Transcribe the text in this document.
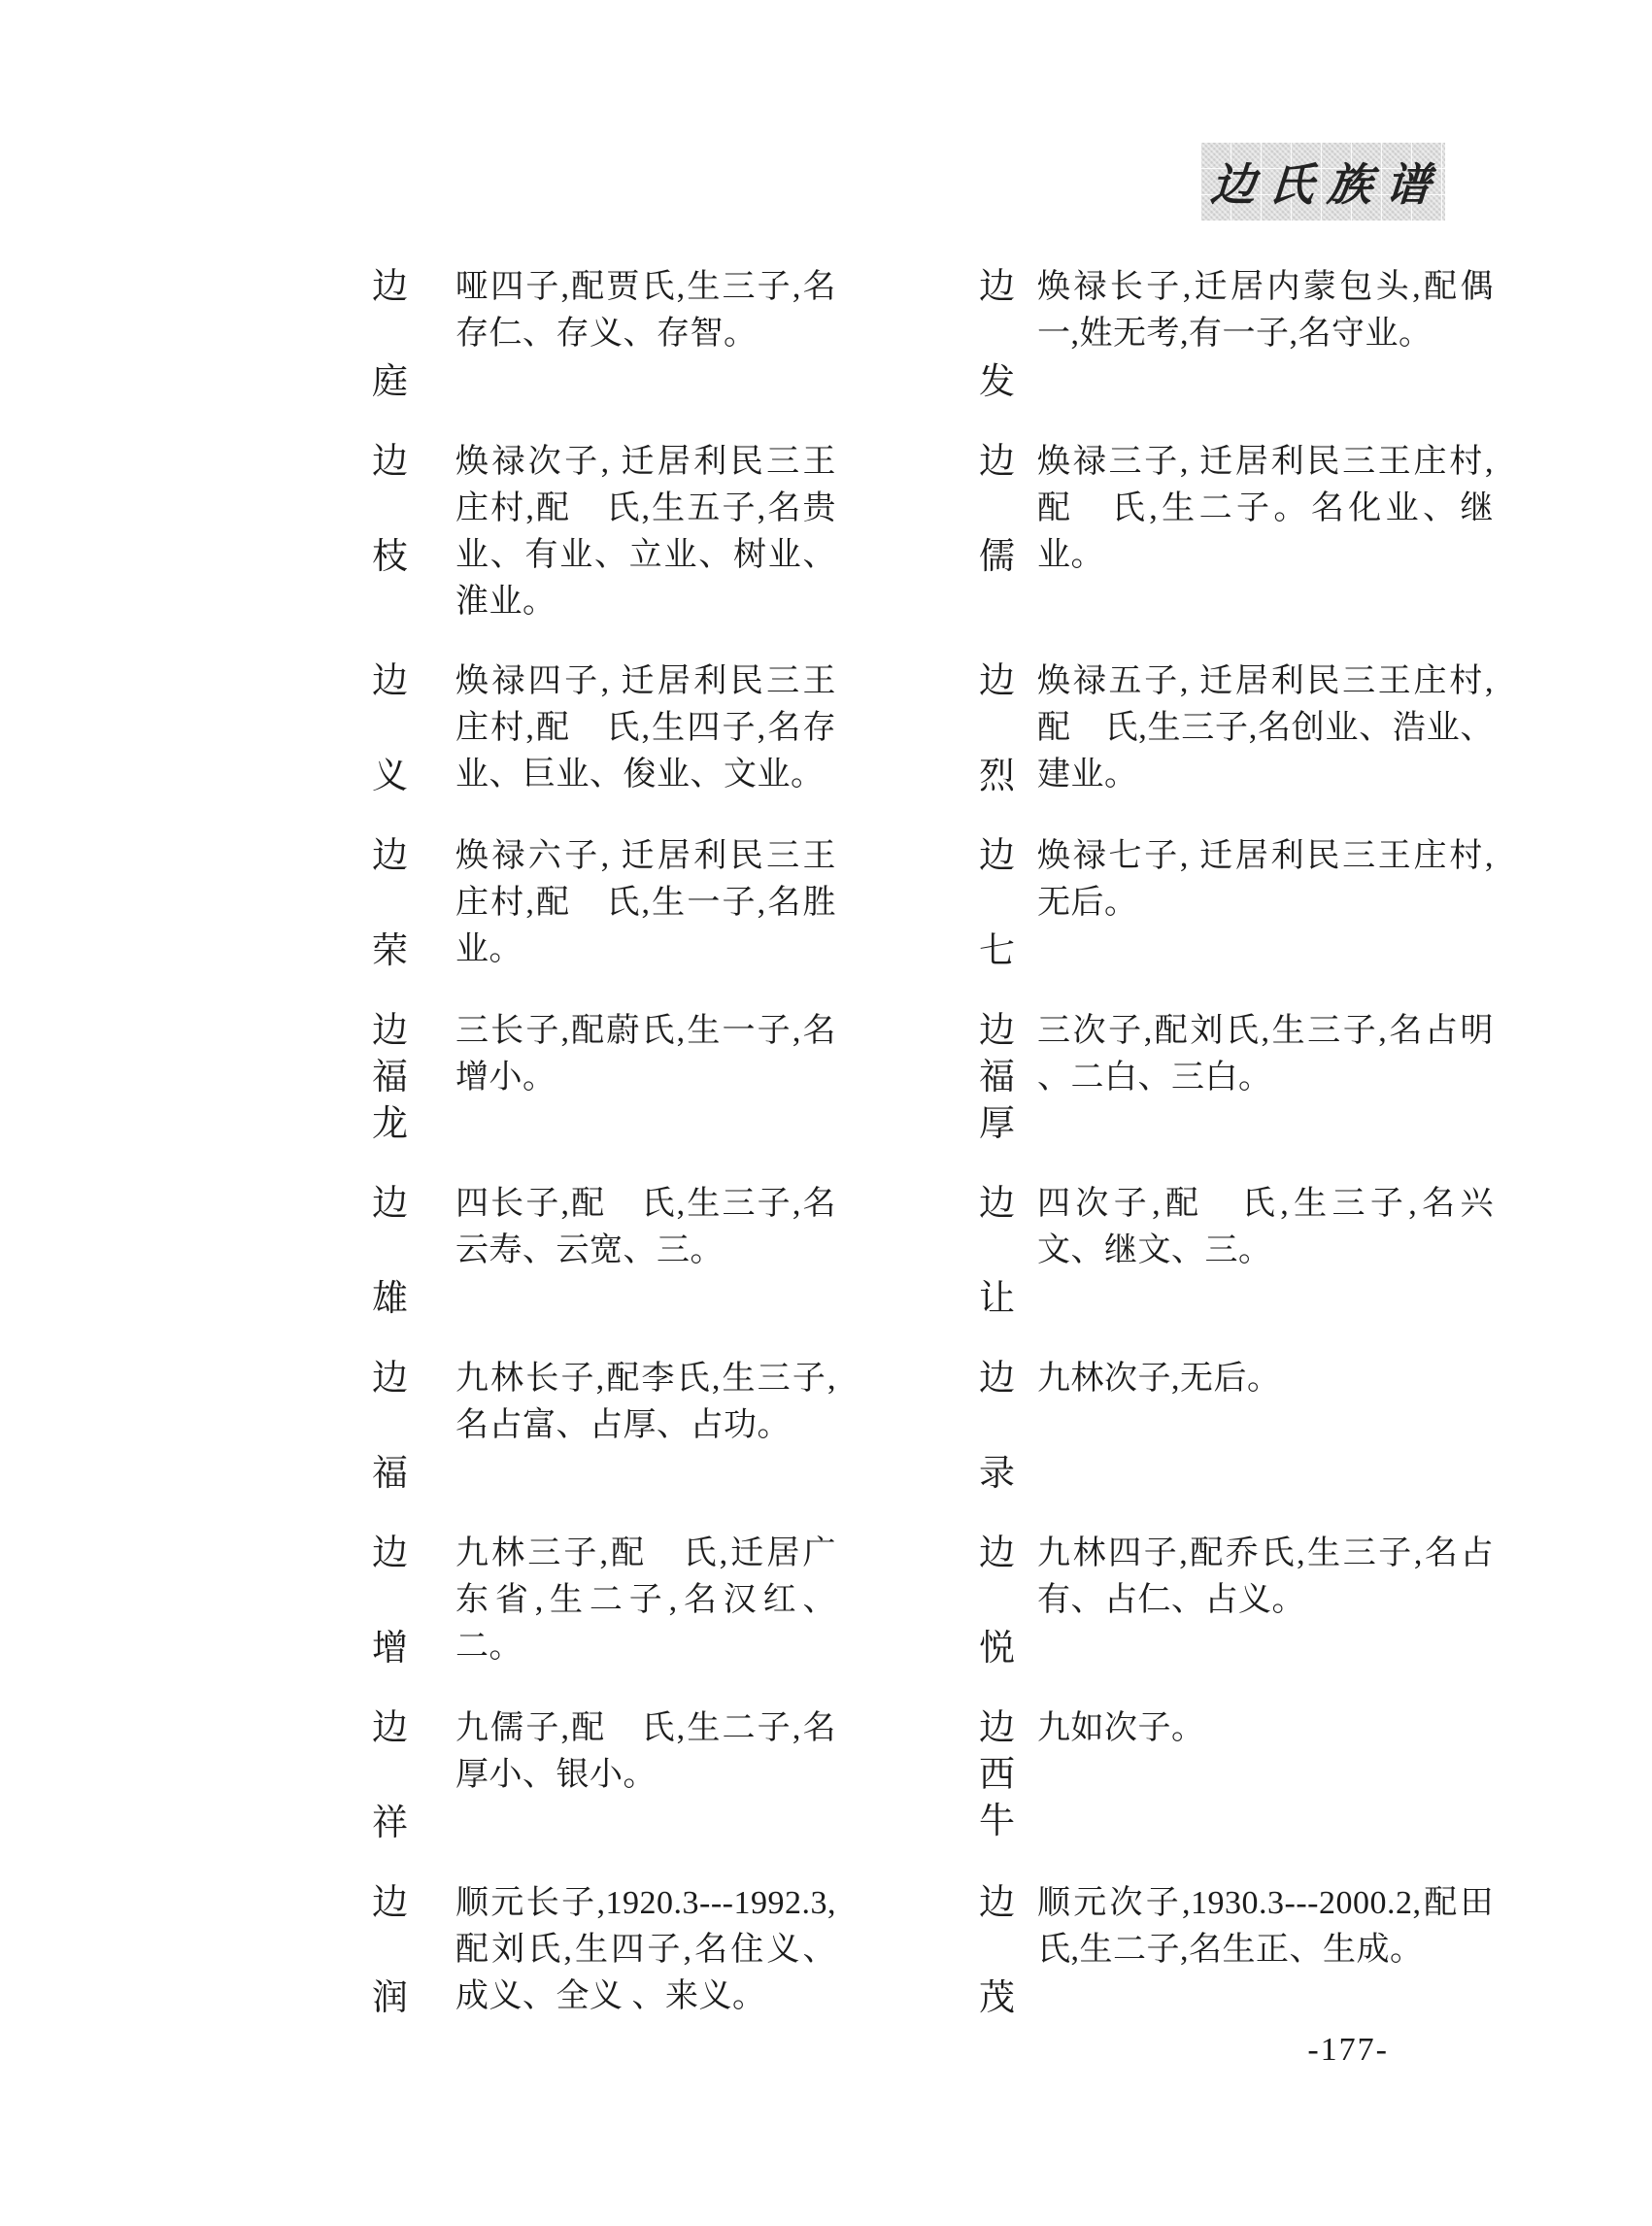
边氏族谱
边
庭
哑四子,配贾氏,生三子,名存仁、存义、存智。
边
发
焕禄长子,迁居内蒙包头,配偶一,姓无考,有一子,名守业。
边
枝
焕禄次子, 迁居利民三王庄村,配　氏,生五子,名贵业、有业、立业、树业、淮业。
边
儒
焕禄三子, 迁居利民三王庄村,配　氏,生二子。名化业、继业。
边
义
焕禄四子, 迁居利民三王庄村,配　氏,生四子,名存业、巨业、俊业、文业。
边
烈
焕禄五子, 迁居利民三王庄村,配　氏,生三子,名创业、浩业、建业。
边
荣
焕禄六子, 迁居利民三王庄村,配　氏,生一子,名胜业。
边
七
焕禄七子, 迁居利民三王庄村,无后。
边
福
龙
三长子,配蔚氏,生一子,名增小。
边
福
厚
三次子,配刘氏,生三子,名占明 、二白、三白。
边
雄
四长子,配　氏,生三子,名云寿、云宽、三。
边
让
四次子,配　氏,生三子,名兴文、继文、三。
边
福
九林长子,配李氏,生三子,名占富、占厚、占功。
边
录
九林次子,无后。
边
增
九林三子,配　氏,迁居广东省,生二子,名汉红、二。
边
悦
九林四子,配乔氏,生三子,名占有、占仁、占义。
边
祥
九儒子,配　氏,生二子,名厚小、银小。
边
西
牛
九如次子。
边
润
顺元长子,1920.3---1992.3,配刘氏,生四子,名住义、成义、全义 、来义。
边
茂
顺元次子,1930.3---2000.2,配田氏,生二子,名生正、生成。
-177-
